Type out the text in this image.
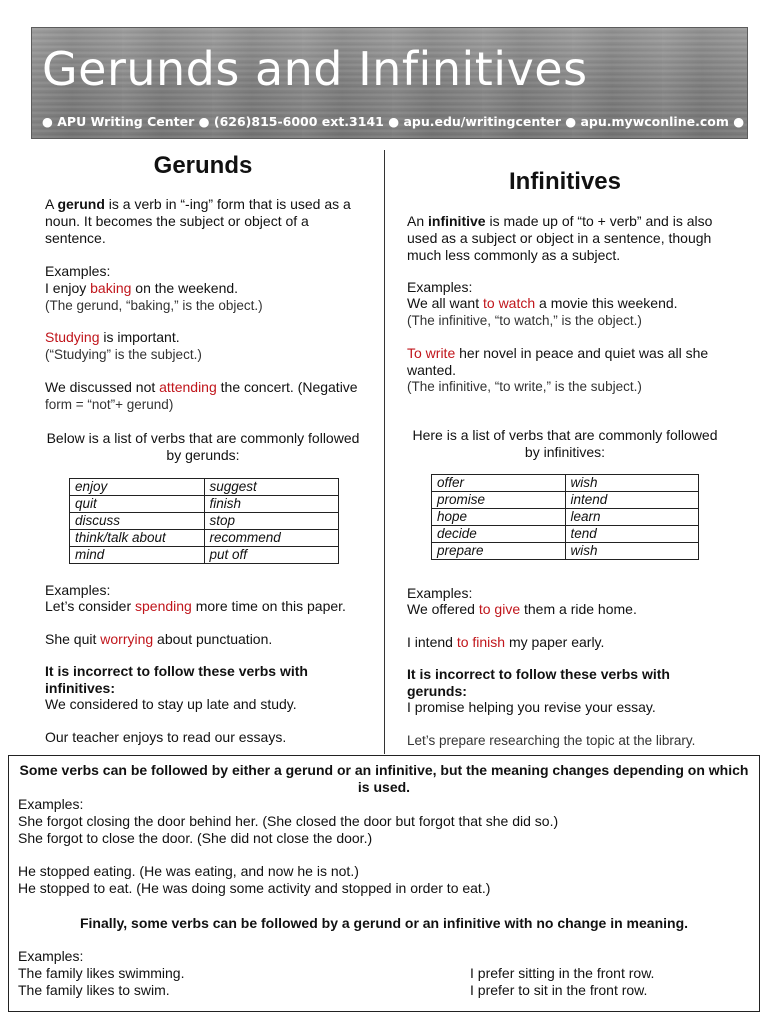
Gerunds and Infinitives
● APU Writing Center ● (626)815-6000 ext.3141 ● apu.edu/writingcenter ● apu.mywconline.com ●
Gerunds
A gerund is a verb in “-ing” form that is used as a noun. It becomes the subject or object of a sentence.
Examples:
I enjoy baking on the weekend.
(The gerund, “baking,” is the object.)
Studying is important.
(“Studying” is the subject.)
We discussed not attending the concert. (Negative
form = “not”+ gerund)
Below is a list of verbs that are commonly followed by gerunds:
enjoy	suggest
quit	finish
discuss	stop
think/talk about	recommend
mind	put off
Examples:
Let’s consider spending more time on this paper.
She quit worrying about punctuation.
It is incorrect to follow these verbs with infinitives:
We considered to stay up late and study.
Our teacher enjoys to read our essays.
Infinitives
An infinitive is made up of “to + verb” and is also used as a subject or object in a sentence, though much less commonly as a subject.
Examples:
We all want to watch a movie this weekend.
(The infinitive, “to watch,” is the object.)
To write her novel in peace and quiet was all she wanted.
(The infinitive, “to write,” is the subject.)
Here is a list of verbs that are commonly followed by infinitives:
offer	wish
promise	intend
hope	learn
decide	tend
prepare	wish
Examples:
We offered to give them a ride home.
I intend to finish my paper early.
It is incorrect to follow these verbs with gerunds:
I promise helping you revise your essay.
Let’s prepare researching the topic at the library.
Some verbs can be followed by either a gerund or an infinitive, but the meaning changes depending on which is used.
Examples:
She forgot closing the door behind her. (She closed the door but forgot that she did so.)
She forgot to close the door. (She did not close the door.)
He stopped eating. (He was eating, and now he is not.)
He stopped to eat. (He was doing some activity and stopped in order to eat.)
Finally, some verbs can be followed by a gerund or an infinitive with no change in meaning.
Examples:
The family likes swimming.
The family likes to swim.
I prefer sitting in the front row.
I prefer to sit in the front row.
